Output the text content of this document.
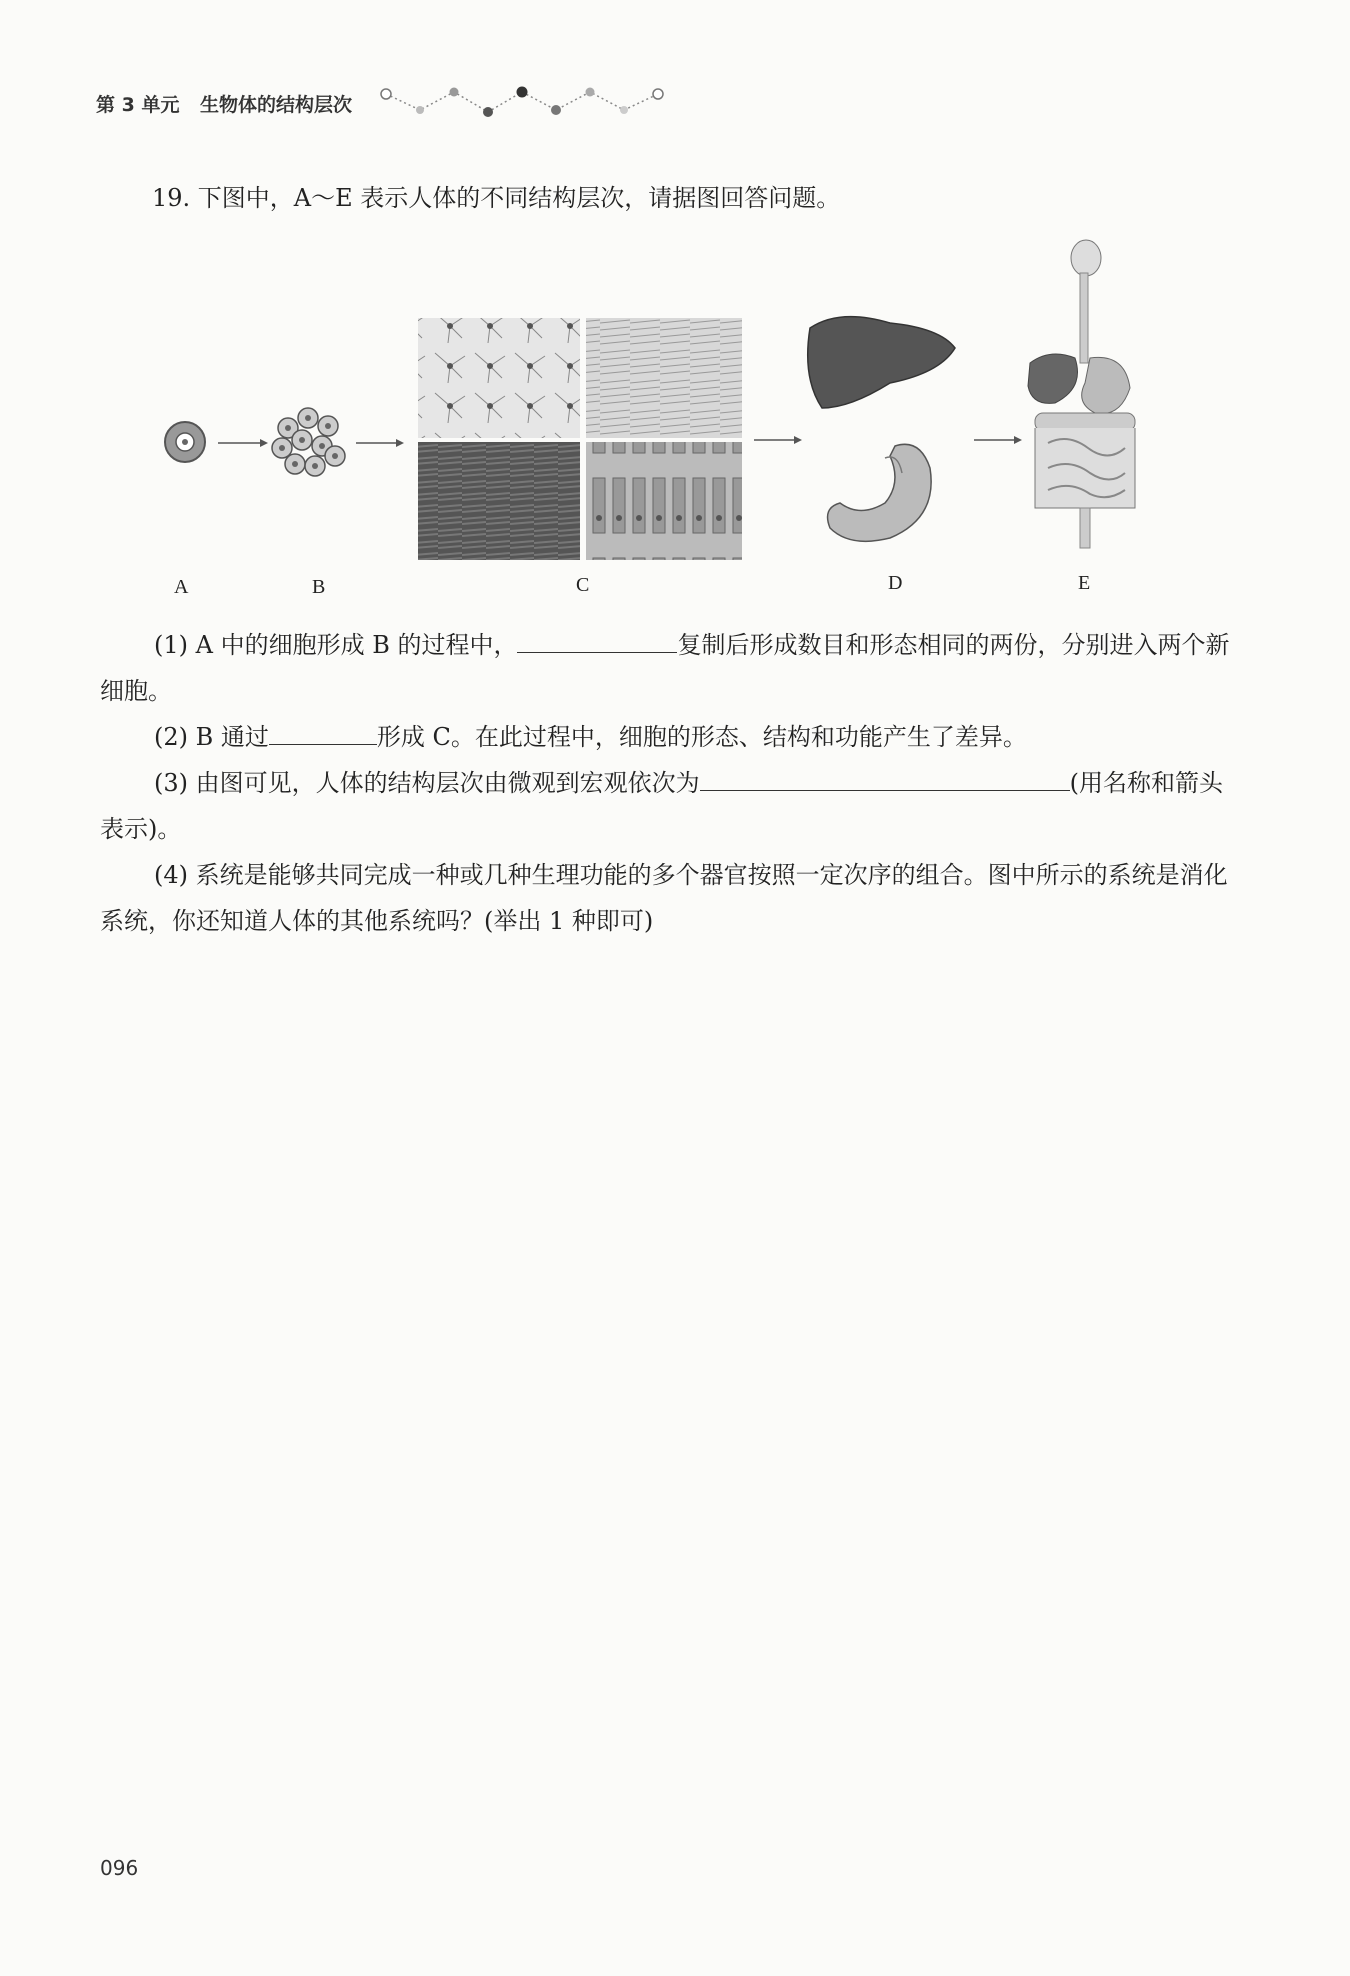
第 3 单元 生物体的结构层次
19. 下图中，A～E 表示人体的不同结构层次，请据图回答问题。
A	B	C	D	E

(1) A 中的细胞形成 B 的过程中，	复制后形成数目和形态相同的两份，分别进入两个新细胞。

(2) B 通过	形成 C。在此过程中，细胞的形态、结构和功能产生了差异。

(3) 由图可见，人体的结构层次由微观到宏观依次为	(用名称和箭头表示)。

(4) 系统是能够共同完成一种或几种生理功能的多个器官按照一定次序的组合。图中所示的系统是消化系统，你还知道人体的其他系统吗？(举出 1 种即可)

096
